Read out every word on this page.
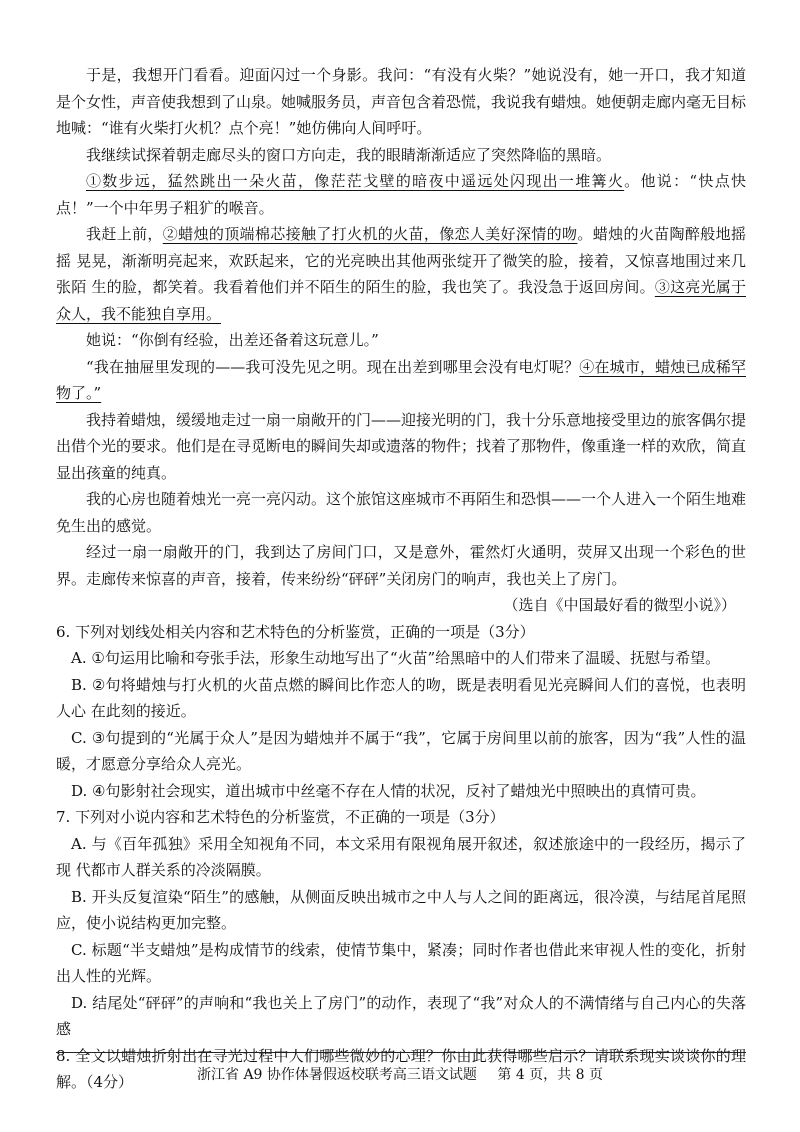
于是，我想开门看看。迎面闪过一个身影。我问：“有没有火柴？”她说没有，她一开口，我才知道是个女性，声音使我想到了山泉。她喊服务员，声音包含着恐慌，我说我有蜡烛。她便朝走廊内毫无目标地喊：“谁有火柴打火机？点个亮！”她仿佛向人间呼吁。

我继续试探着朝走廊尽头的窗口方向走，我的眼睛渐渐适应了突然降临的黑暗。

①数步远，猛然跳出一朵火苗，像茫茫戈壁的暗夜中遥远处闪现出一堆篝火。他说：“快点快点！”一个中年男子粗犷的喉音。

我赶上前，②蜡烛的顶端棉芯接触了打火机的火苗，像恋人美好深情的吻。蜡烛的火苗陶醉般地摇摇 晃晃，渐渐明亮起来，欢跃起来，它的光亮映出其他两张绽开了微笑的脸，接着，又惊喜地围过来几张陌 生的脸，都笑着。我看着他们并不陌生的陌生的脸，我也笑了。我没急于返回房间。③这亮光属于众人，我不能独自享用。

她说：“你倒有经验，出差还备着这玩意儿。”

“我在抽屉里发现的——我可没先见之明。现在出差到哪里会没有电灯呢？④在城市，蜡烛已成稀罕物了。”

我持着蜡烛，缓缓地走过一扇一扇敞开的门——迎接光明的门，我十分乐意地接受里边的旅客偶尔提出借个光的要求。他们是在寻觅断电的瞬间失却或遗落的物件；找着了那物件，像重逢一样的欢欣，简直显出孩童的纯真。

我的心房也随着烛光一亮一亮闪动。这个旅馆这座城市不再陌生和恐惧——一个人进入一个陌生地难 免生出的感觉。

经过一扇一扇敞开的门，我到达了房间门口，又是意外，霍然灯火通明，荧屏又出现一个彩色的世界。走廊传来惊喜的声音，接着，传来纷纷“砰砰”关闭房门的响声，我也关上了房门。

（选自《中国最好看的微型小说》）

6. 下列对划线处相关内容和艺术特色的分析鉴赏，正确的一项是（3分）

A. ①句运用比喻和夸张手法，形象生动地写出了“火苗”给黑暗中的人们带来了温暖、抚慰与希望。

B. ②句将蜡烛与打火机的火苗点燃的瞬间比作恋人的吻，既是表明看见光亮瞬间人们的喜悦，也表明人心 在此刻的接近。

C. ③句提到的“光属于众人”是因为蜡烛并不属于“我”，它属于房间里以前的旅客，因为“我”人性的温暖，才愿意分享给众人亮光。

D. ④句影射社会现实，道出城市中丝毫不存在人情的状况，反衬了蜡烛光中照映出的真情可贵。

7. 下列对小说内容和艺术特色的分析鉴赏，不正确的一项是（3分）

A. 与《百年孤独》采用全知视角不同，本文采用有限视角展开叙述，叙述旅途中的一段经历，揭示了现 代都市人群关系的冷淡隔膜。

B. 开头反复渲染“陌生”的感触，从侧面反映出城市之中人与人之间的距离远，很冷漠，与结尾首尾照应，使小说结构更加完整。

C. 标题“半支蜡烛”是构成情节的线索，使情节集中，紧凑；同时作者也借此来审视人性的变化，折射出人性的光辉。

D. 结尾处“砰砰”的声响和“我也关上了房门”的动作，表现了“我”对众人的不满情绪与自己内心的失落感

8. 全文以蜡烛折射出在寻光过程中人们哪些微妙的心理？你由此获得哪些启示？请联系现实谈谈你的理解。（4分）	浙江省 A9 协作体暑假返校联考高三语文试题 第 4 页，共 8 页
